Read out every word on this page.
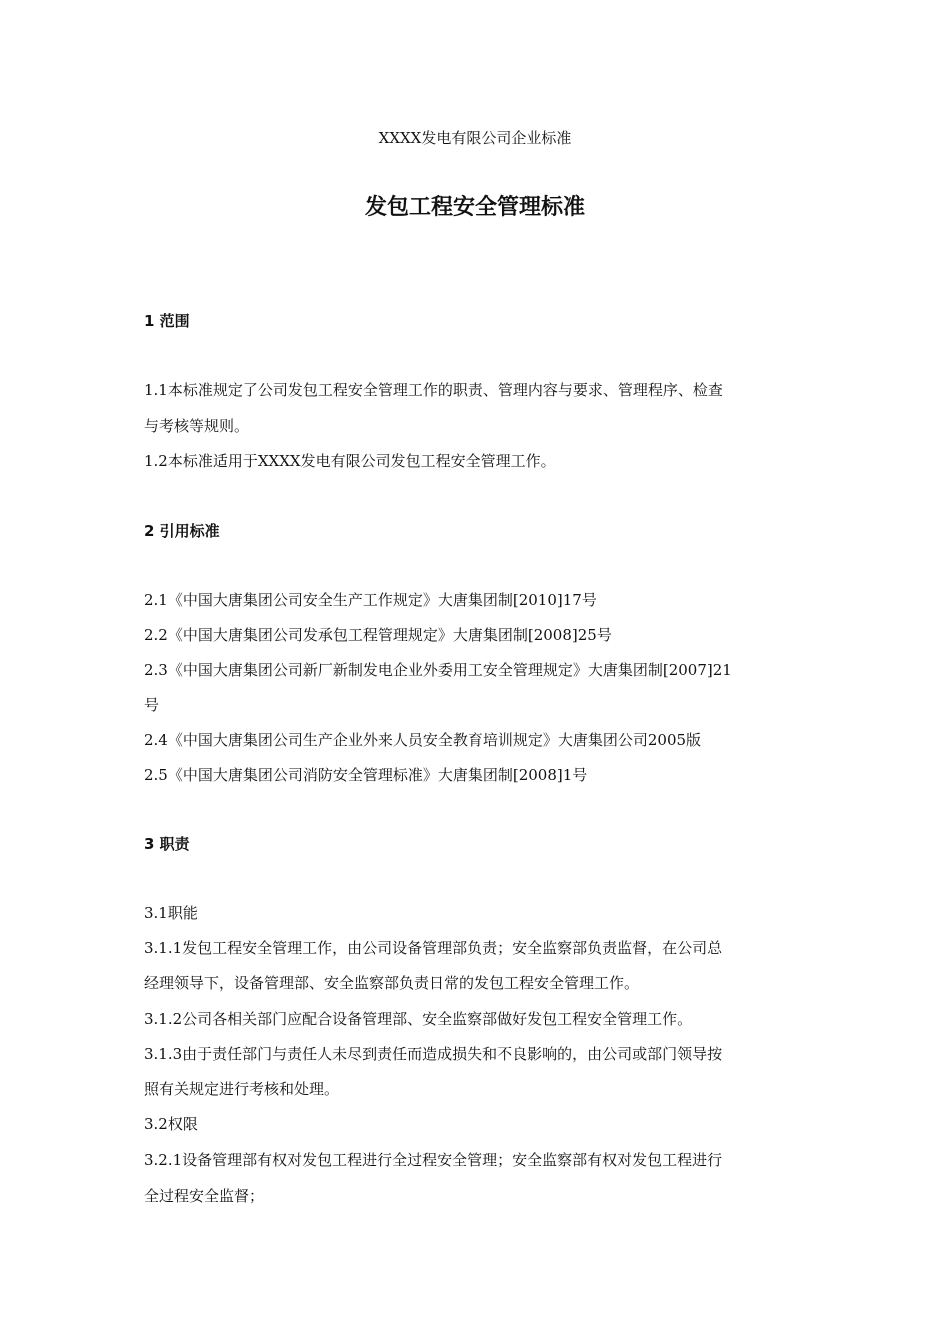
XXXX发电有限公司企业标准
发包工程安全管理标准
1 范围
1.1本标准规定了公司发包工程安全管理工作的职责、管理内容与要求、管理程序、检查
与考核等规则。
1.2本标准适用于XXXX发电有限公司发包工程安全管理工作。
2 引用标准
2.1《中国大唐集团公司安全生产工作规定》大唐集团制[2010]17号
2.2《中国大唐集团公司发承包工程管理规定》大唐集团制[2008]25号
2.3《中国大唐集团公司新厂新制发电企业外委用工安全管理规定》大唐集团制[2007]21
号
2.4《中国大唐集团公司生产企业外来人员安全教育培训规定》大唐集团公司2005版
2.5《中国大唐集团公司消防安全管理标准》大唐集团制[2008]1号
3 职责
3.1职能
3.1.1发包工程安全管理工作，由公司设备管理部负责；安全监察部负责监督，在公司总
经理领导下，设备管理部、安全监察部负责日常的发包工程安全管理工作。
3.1.2公司各相关部门应配合设备管理部、安全监察部做好发包工程安全管理工作。
3.1.3由于责任部门与责任人未尽到责任而造成损失和不良影响的，由公司或部门领导按
照有关规定进行考核和处理。
3.2权限
3.2.1设备管理部有权对发包工程进行全过程安全管理；安全监察部有权对发包工程进行
全过程安全监督；
